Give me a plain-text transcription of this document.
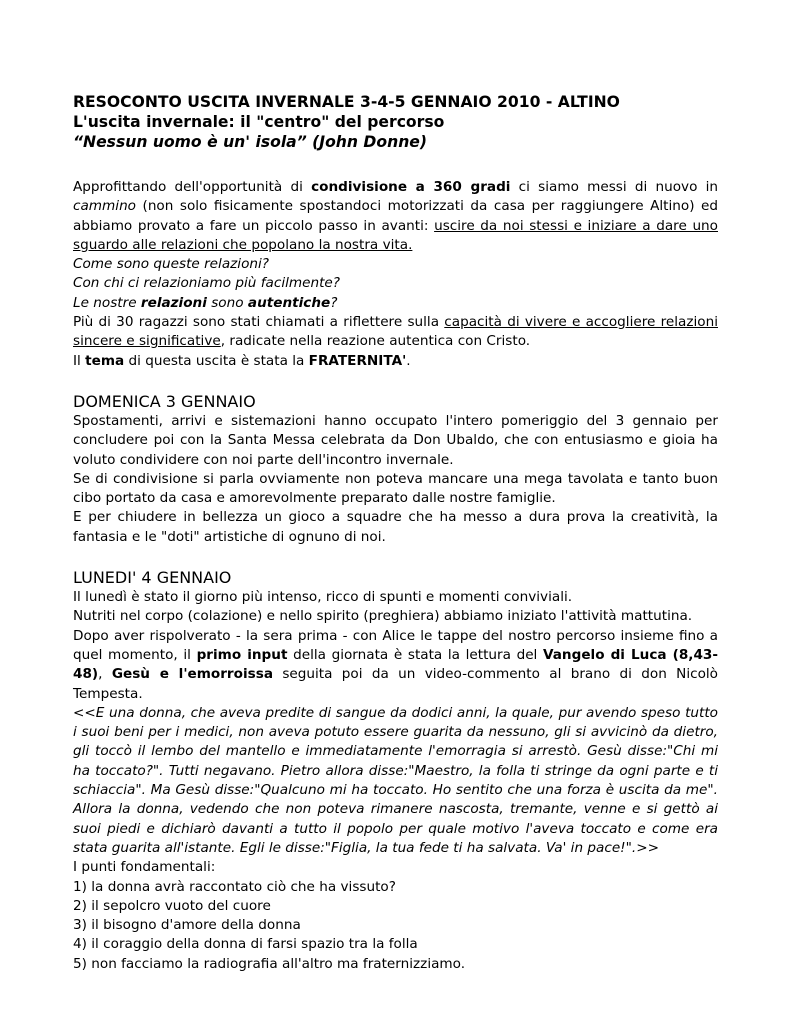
RESOCONTO USCITA INVERNALE 3-4-5 GENNAIO 2010 - ALTINO

L'uscita invernale: il "centro" del percorso

“Nessun uomo è un' isola” (John Donne)

Approfittando dell'opportunità di condivisione a 360 gradi ci siamo messi di nuovo in cammino (non solo fisicamente spostandoci motorizzati da casa per raggiungere Altino) ed abbiamo provato a fare un piccolo passo in avanti: uscire da noi stessi e iniziare a dare uno sguardo alle relazioni che popolano la nostra vita.

Come sono queste relazioni?

Con chi ci relazioniamo più facilmente?

Le nostre relazioni sono autentiche?

Più di 30 ragazzi sono stati chiamati a riflettere sulla capacità di vivere e accogliere relazioni sincere e significative, radicate nella reazione autentica con Cristo.

Il tema di questa uscita è stata la FRATERNITA'.

DOMENICA 3 GENNAIO

Spostamenti, arrivi e sistemazioni hanno occupato l'intero pomeriggio del 3 gennaio per concludere poi con la Santa Messa celebrata da Don Ubaldo, che con entusiasmo e gioia ha voluto condividere con noi parte dell'incontro invernale.

Se di condivisione si parla ovviamente non poteva mancare una mega tavolata e tanto buon cibo portato da casa e amorevolmente preparato dalle nostre famiglie.

E per chiudere in bellezza un gioco a squadre che ha messo a dura prova la creatività, la fantasia e le "doti" artistiche di ognuno di noi.

LUNEDI' 4 GENNAIO

Il lunedì è stato il giorno più intenso, ricco di spunti e momenti conviviali.

Nutriti nel corpo (colazione) e nello spirito (preghiera) abbiamo iniziato l'attività mattutina.

Dopo aver rispolverato - la sera prima - con Alice le tappe del nostro percorso insieme fino a quel momento, il primo input della giornata è stata la lettura del Vangelo di Luca (8,43-48), Gesù e l'emorroissa seguita poi da un video-commento al brano di don Nicolò Tempesta.

<<E una donna, che aveva predite di sangue da dodici anni, la quale, pur avendo speso tutto i suoi beni per i medici, non aveva potuto essere guarita da nessuno, gli si avvicinò da dietro, gli toccò il lembo del mantello e immediatamente l'emorragia si arrestò. Gesù disse:"Chi mi ha toccato?". Tutti negavano. Pietro allora disse:"Maestro, la folla ti stringe da ogni parte e ti schiaccia". Ma Gesù disse:"Qualcuno mi ha toccato. Ho sentito che una forza è uscita da me". Allora la donna, vedendo che non poteva rimanere nascosta, tremante, venne e si gettò ai suoi piedi e dichiarò davanti a tutto il popolo per quale motivo l'aveva toccato e come era stata guarita all'istante. Egli le disse:"Figlia, la tua fede ti ha salvata. Va' in pace!".>>

I punti fondamentali:

1) la donna avrà raccontato ciò che ha vissuto?

2) il sepolcro vuoto del cuore

3) il bisogno d'amore della donna

4) il coraggio della donna di farsi spazio tra la folla

5) non facciamo la radiografia all'altro ma fraternizziamo.
